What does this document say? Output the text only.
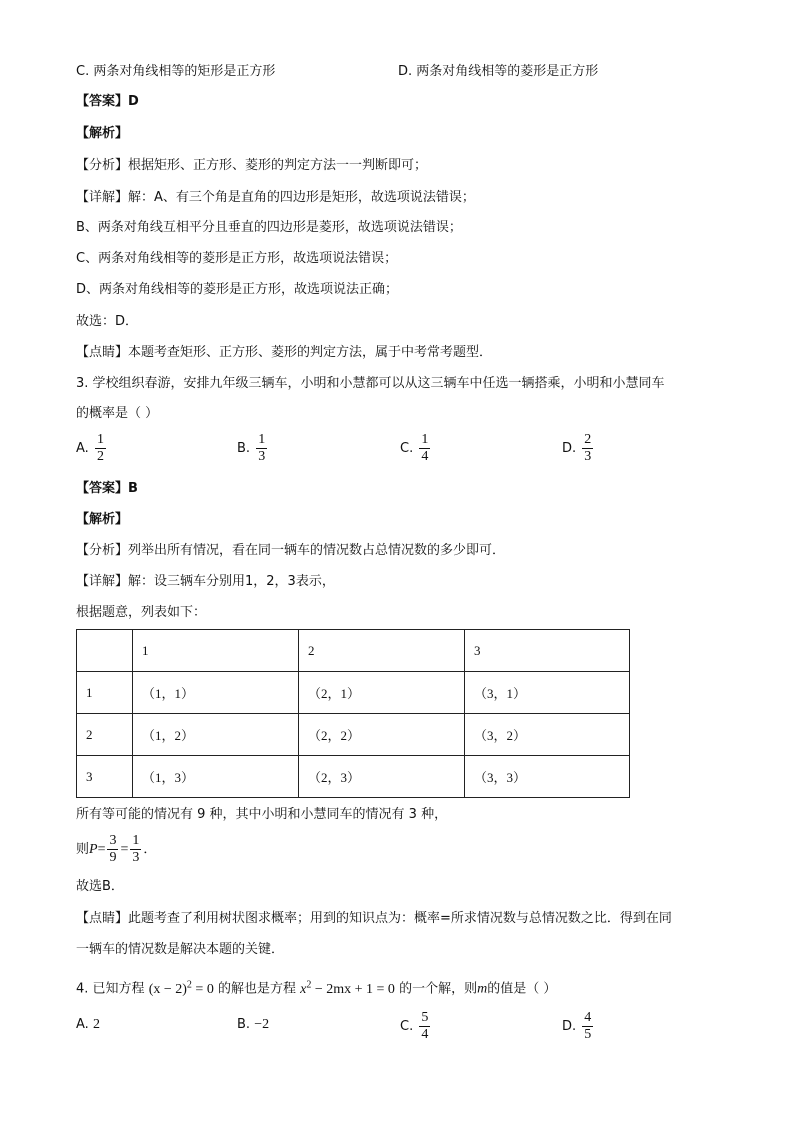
C. 两条对角线相等的矩形是正方形	D. 两条对角线相等的菱形是正方形
【答案】D
【解析】
【分析】根据矩形、正方形、菱形的判定方法一一判断即可；
【详解】解：A、有三个角是直角的四边形是矩形，故选项说法错误；
B、两条对角线互相平分且垂直的四边形是菱形，故选项说法错误；
C、两条对角线相等的菱形是正方形，故选项说法错误；
D、两条对角线相等的菱形是正方形，故选项说法正确；
故选：D．
【点睛】本题考查矩形、正方形、菱形的判定方法，属于中考常考题型．
3. 学校组织春游，安排九年级三辆车，小明和小慧都可以从这三辆车中任选一辆搭乘，小明和小慧同车
的概率是（ ）
A. $\frac{1}{2}$	B. $\frac{1}{3}$	C. $\frac{1}{4}$	D. $\frac{2}{3}$
【答案】B
【解析】
【分析】列举出所有情况，看在同一辆车的情况数占总情况数的多少即可．
【详解】解：设三辆车分别用1，2，3表示，
根据题意，列表如下：
	1	2	3
1	（1，1）	（2，1）	（3，1）
2	（1，2）	（2，2）	（3，2）
3	（1，3）	（2，3）	（3，3）
所有等可能的情况有 9 种，其中小明和小慧同车的情况有 3 种，
则$P= \frac{3}{9} = \frac{1}{3}$ ．
故选B．
【点睛】此题考查了利用树状图求概率；用到的知识点为：概率=所求情况数与总情况数之比．得到在同
一辆车的情况数是解决本题的关键．
4. 已知方程 $(x - 2)^2 = 0$ 的解也是方程 $x^2 - 2mx + 1 = 0$ 的一个解，则m的值是（ ）
A. 2	B. −2	C. $\frac{5}{4}$	D. $\frac{4}{5}$
